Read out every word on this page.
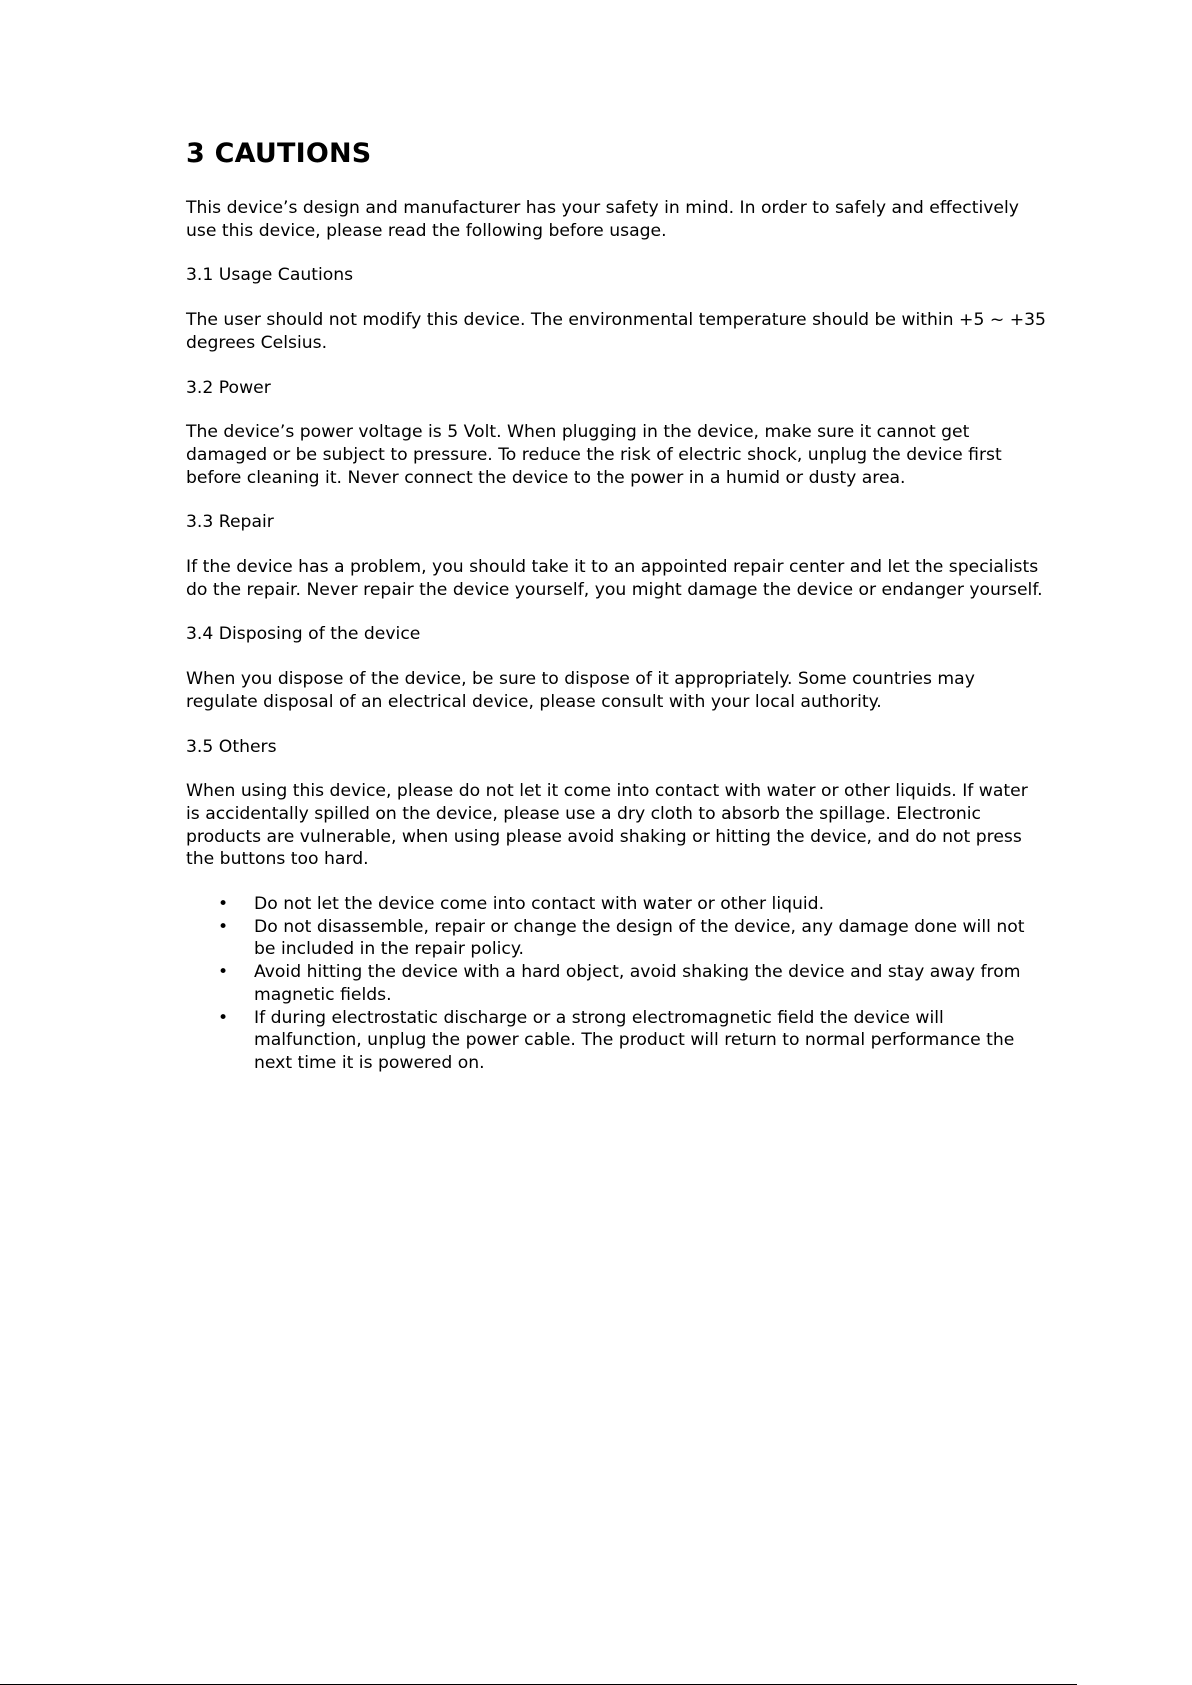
3 CAUTIONS

This device’s design and manufacturer has your safety in mind. In order to safely and effectively use this device, please read the following before usage.

3.1 Usage Cautions

The user should not modify this device. The environmental temperature should be within +5 ~ +35 degrees Celsius.

3.2 Power

The device’s power voltage is 5 Volt. When plugging in the device, make sure it cannot get damaged or be subject to pressure. To reduce the risk of electric shock, unplug the device first before cleaning it. Never connect the device to the power in a humid or dusty area.

3.3 Repair

If the device has a problem, you should take it to an appointed repair center and let the specialists do the repair. Never repair the device yourself, you might damage the device or endanger yourself.

3.4 Disposing of the device

When you dispose of the device, be sure to dispose of it appropriately. Some countries may regulate disposal of an electrical device, please consult with your local authority.

3.5 Others

When using this device, please do not let it come into contact with water or other liquids. If water is accidentally spilled on the device, please use a dry cloth to absorb the spillage. Electronic products are vulnerable, when using please avoid shaking or hitting the device, and do not press the buttons too hard.

• Do not let the device come into contact with water or other liquid.
• Do not disassemble, repair or change the design of the device, any damage done will not be included in the repair policy.
• Avoid hitting the device with a hard object, avoid shaking the device and stay away from magnetic fields.
• If during electrostatic discharge or a strong electromagnetic field the device will malfunction, unplug the power cable. The product will return to normal performance the next time it is powered on.
